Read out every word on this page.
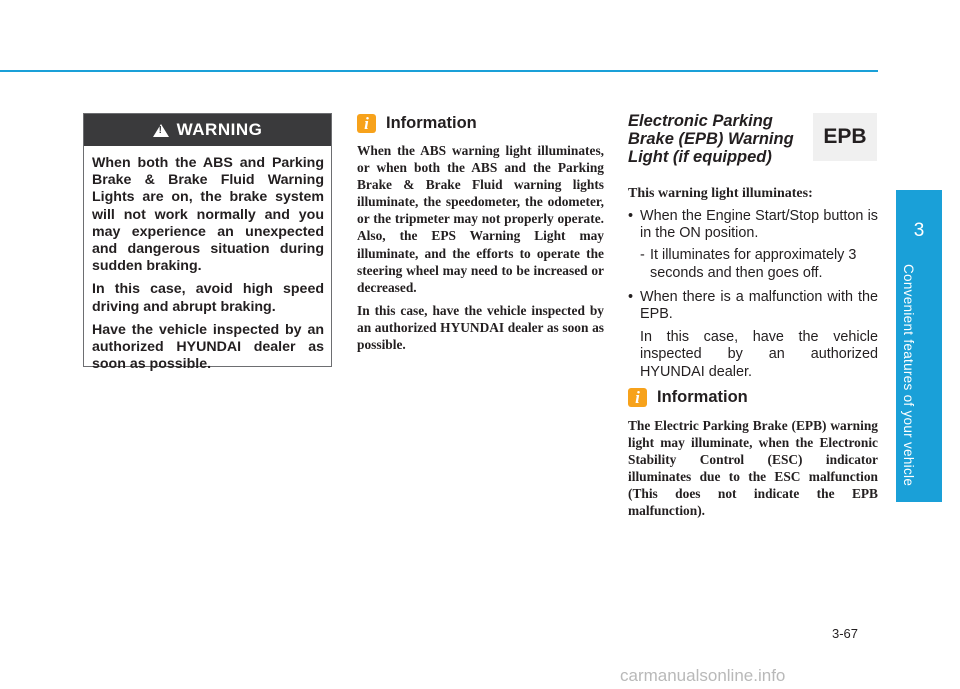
!
WARNING

When both the ABS and Parking Brake & Brake Fluid Warning Lights are on, the brake system will not work normally and you may experience an unexpected and dangerous situation during sudden braking.

In this case, avoid high speed driving and abrupt braking.

Have the vehicle inspected by an authorized HYUNDAI dealer as soon as possible.

i	Information

When the ABS warning light illuminates, or when both the ABS and the Parking Brake & Brake Fluid warning lights illuminate, the speedometer, the odometer, or the tripmeter may not properly operate. Also, the EPS Warning Light may illuminate, and the efforts to operate the steering wheel may need to be increased or decreased.

In this case, have the vehicle inspected by an authorized HYUNDAI dealer as soon as possible.

Electronic Parking Brake (EPB) Warning Light (if equipped)
EPB
This warning light illuminates:
• When the Engine Start/Stop button is in the ON position.
- It illuminates for approximately 3 seconds and then goes off.
• When there is a malfunction with the EPB.
In this case, have the vehicle inspected by an authorized HYUNDAI dealer.
i	Information
The Electric Parking Brake (EPB) warning light may illuminate, when the Electronic Stability Control (ESC) indicator illuminates due to the ESC malfunction (This does not indicate the EPB malfunction).
3
Convenient features of your vehicle
3-67
carmanualsonline.info
